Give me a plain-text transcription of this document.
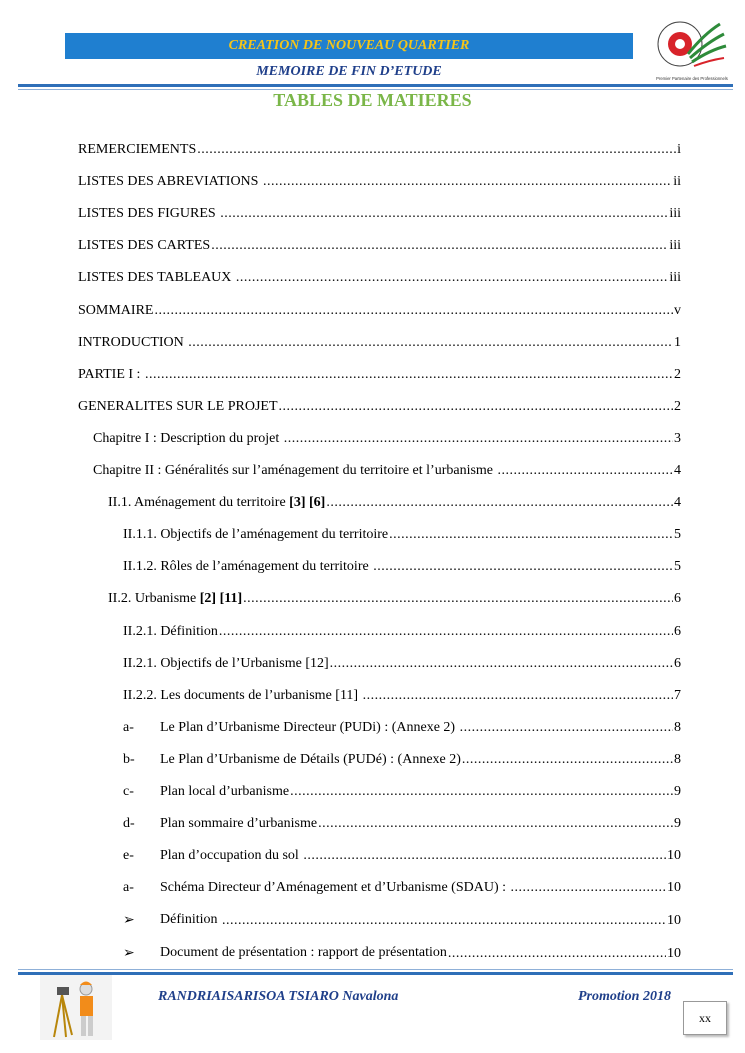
CREATION DE NOUVEAU QUARTIER
MEMOIRE DE FIN D’ETUDE	Premier Partenaire des Professionnels
TABLES DE MATIERES
REMERCIEMENTS .....	i
LISTES DES ABREVIATIONS .....	ii
LISTES DES FIGURES .....	iii
LISTES DES CARTES .....	iii
LISTES DES TABLEAUX .....	iii
SOMMAIRE .....	v
INTRODUCTION .....	1
PARTIE I : .....	2
GENERALITES SUR LE PROJET .....	2
Chapitre I : Description du projet .....	3
Chapitre II : Généralités sur l’aménagement du territoire et l’urbanisme .....	4
II.1. Aménagement du territoire [3] [6] .....	4
II.1.1. Objectifs de l’aménagement du territoire .....	5
II.1.2. Rôles de l’aménagement du territoire .....	5
II.2. Urbanisme [2] [11] .....	6
II.2.1. Définition .....	6
II.2.1. Objectifs de l’Urbanisme [12] .....	6
II.2.2. Les documents de l’urbanisme [11] .....	7
a-	Le Plan d’Urbanisme Directeur (PUDi) : (Annexe 2) .....	8
b-	Le Plan d’Urbanisme de Détails (PUDé) : (Annexe 2) .....	8
c-	Plan local d’urbanisme .....	9
d-	Plan sommaire d’urbanisme .....	9
e-	Plan d’occupation du sol .....	10
a-	Schéma Directeur d’Aménagement et d’Urbanisme (SDAU) : .....	10
➢	Définition .....	10
➢	Document de présentation : rapport de présentation .....	10
RANDRIAISARISOA TSIARO Navalona	Promotion 2018
xx
